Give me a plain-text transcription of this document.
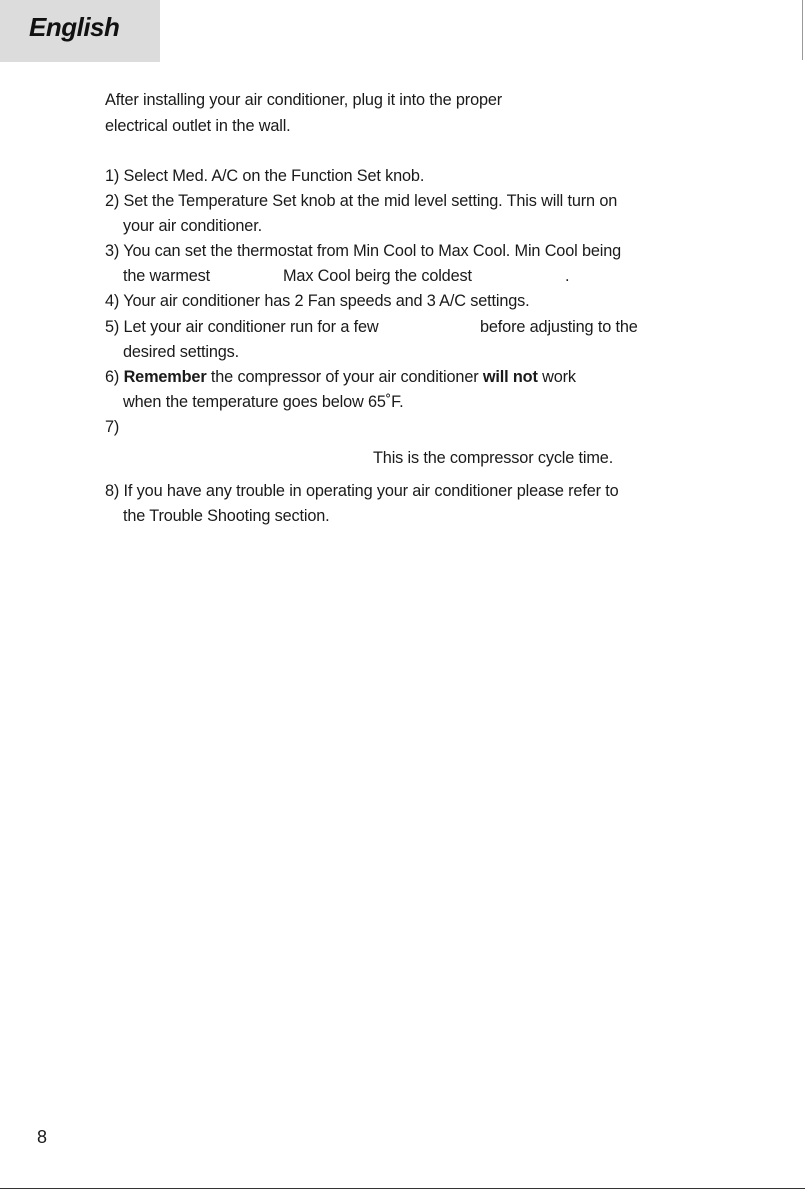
English
After installing your air conditioner, plug it into the proper
electrical outlet in the wall.
1) Select Med. A/C on the Function Set knob.
2) Set the Temperature Set knob at the mid level setting. This will turn on
your air conditioner.
3) You can set the thermostat from Min Cool to Max Cool. Min Cool being
the warmest	Max Cool beirg the coldest	.
4) Your air conditioner has 2 Fan speeds and 3 A/C settings.
5) Let your air conditioner run for a few	before adjusting to the
desired settings.
6) Remember the compressor of your air conditioner will not work
when the temperature goes below 65˚F.
7)
This is the compressor cycle time.
8) If you have any trouble in operating your air conditioner please refer to
the Trouble Shooting section.
8
